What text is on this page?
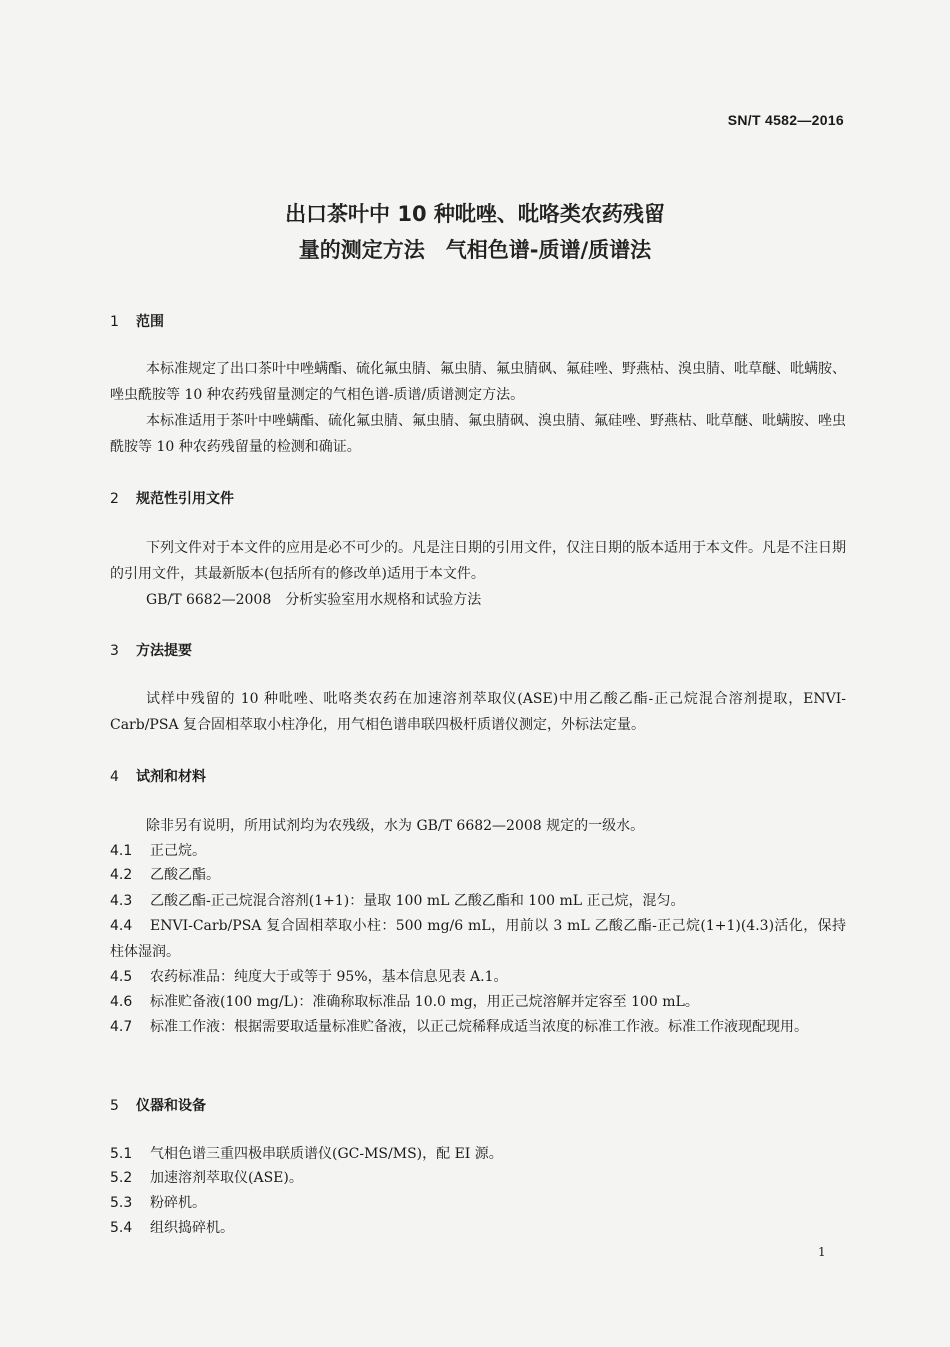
SN/T 4582—2016
出口茶叶中 10 种吡唑、吡咯类农药残留
量的测定方法　气相色谱-质谱/质谱法
1 范围

本标准规定了出口茶叶中唑螨酯、硫化氟虫腈、氟虫腈、氟虫腈砜、氟硅唑、野燕枯、溴虫腈、吡草醚、吡螨胺、唑虫酰胺等 10 种农药残留量测定的气相色谱-质谱/质谱测定方法。

本标准适用于茶叶中唑螨酯、硫化氟虫腈、氟虫腈、氟虫腈砜、溴虫腈、氟硅唑、野燕枯、吡草醚、吡螨胺、唑虫酰胺等 10 种农药残留量的检测和确证。

2 规范性引用文件

下列文件对于本文件的应用是必不可少的。凡是注日期的引用文件，仅注日期的版本适用于本文件。凡是不注日期的引用文件，其最新版本(包括所有的修改单)适用于本文件。

GB/T 6682—2008　分析实验室用水规格和试验方法
3 方法提要

试样中残留的 10 种吡唑、吡咯类农药在加速溶剂萃取仪(ASE)中用乙酸乙酯-正己烷混合溶剂提取，ENVI-Carb/PSA 复合固相萃取小柱净化，用气相色谱串联四极杆质谱仪测定，外标法定量。

4 试剂和材料

除非另有说明，所用试剂均为农残级，水为 GB/T 6682—2008 规定的一级水。

4.1 正己烷。

4.2 乙酸乙酯。

4.3 乙酸乙酯-正己烷混合溶剂(1+1)：量取 100 mL 乙酸乙酯和 100 mL 正己烷，混匀。

4.4 ENVI-Carb/PSA 复合固相萃取小柱：500 mg/6 mL，用前以 3 mL 乙酸乙酯-正己烷(1+1)(4.3)活化，保持柱体湿润。

4.5 农药标准品：纯度大于或等于 95%，基本信息见表 A.1。

4.6 标准贮备液(100 mg/L)：准确称取标准品 10.0 mg，用正己烷溶解并定容至 100 mL。

4.7 标准工作液：根据需要取适量标准贮备液，以正己烷稀释成适当浓度的标准工作液。标准工作液现配现用。

5 仪器和设备

5.1 气相色谱三重四极串联质谱仪(GC-MS/MS)，配 EI 源。

5.2 加速溶剂萃取仪(ASE)。

5.3 粉碎机。

5.4 组织捣碎机。

1
